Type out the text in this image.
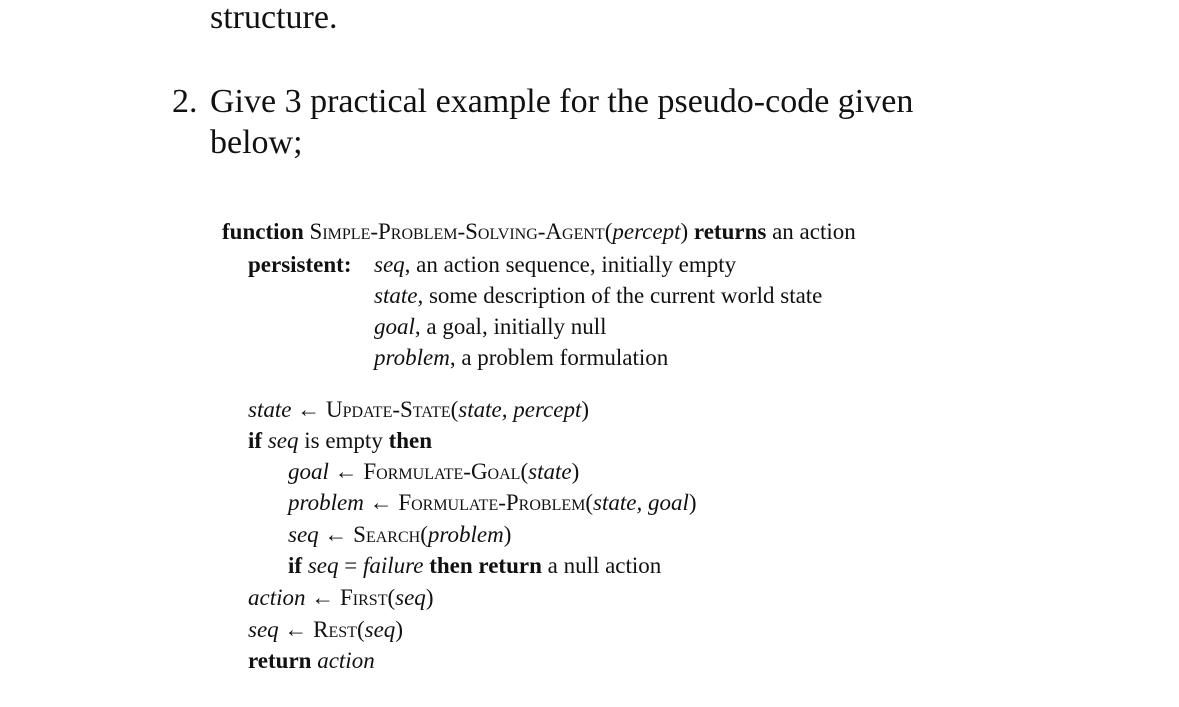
structure.
2. Give 3 practical example for the pseudo-code given
below;
function Simple-Problem-Solving-Agent(percept) returns an action
persistent: seq, an action sequence, initially empty
state, some description of the current world state
goal, a goal, initially null
problem, a problem formulation
state ← Update-State(state, percept)
if seq is empty then
goal ← Formulate-Goal(state)
problem ← Formulate-Problem(state, goal)
seq ← Search(problem)
if seq = failure then return a null action
action ← First(seq)
seq ← Rest(seq)
return action
